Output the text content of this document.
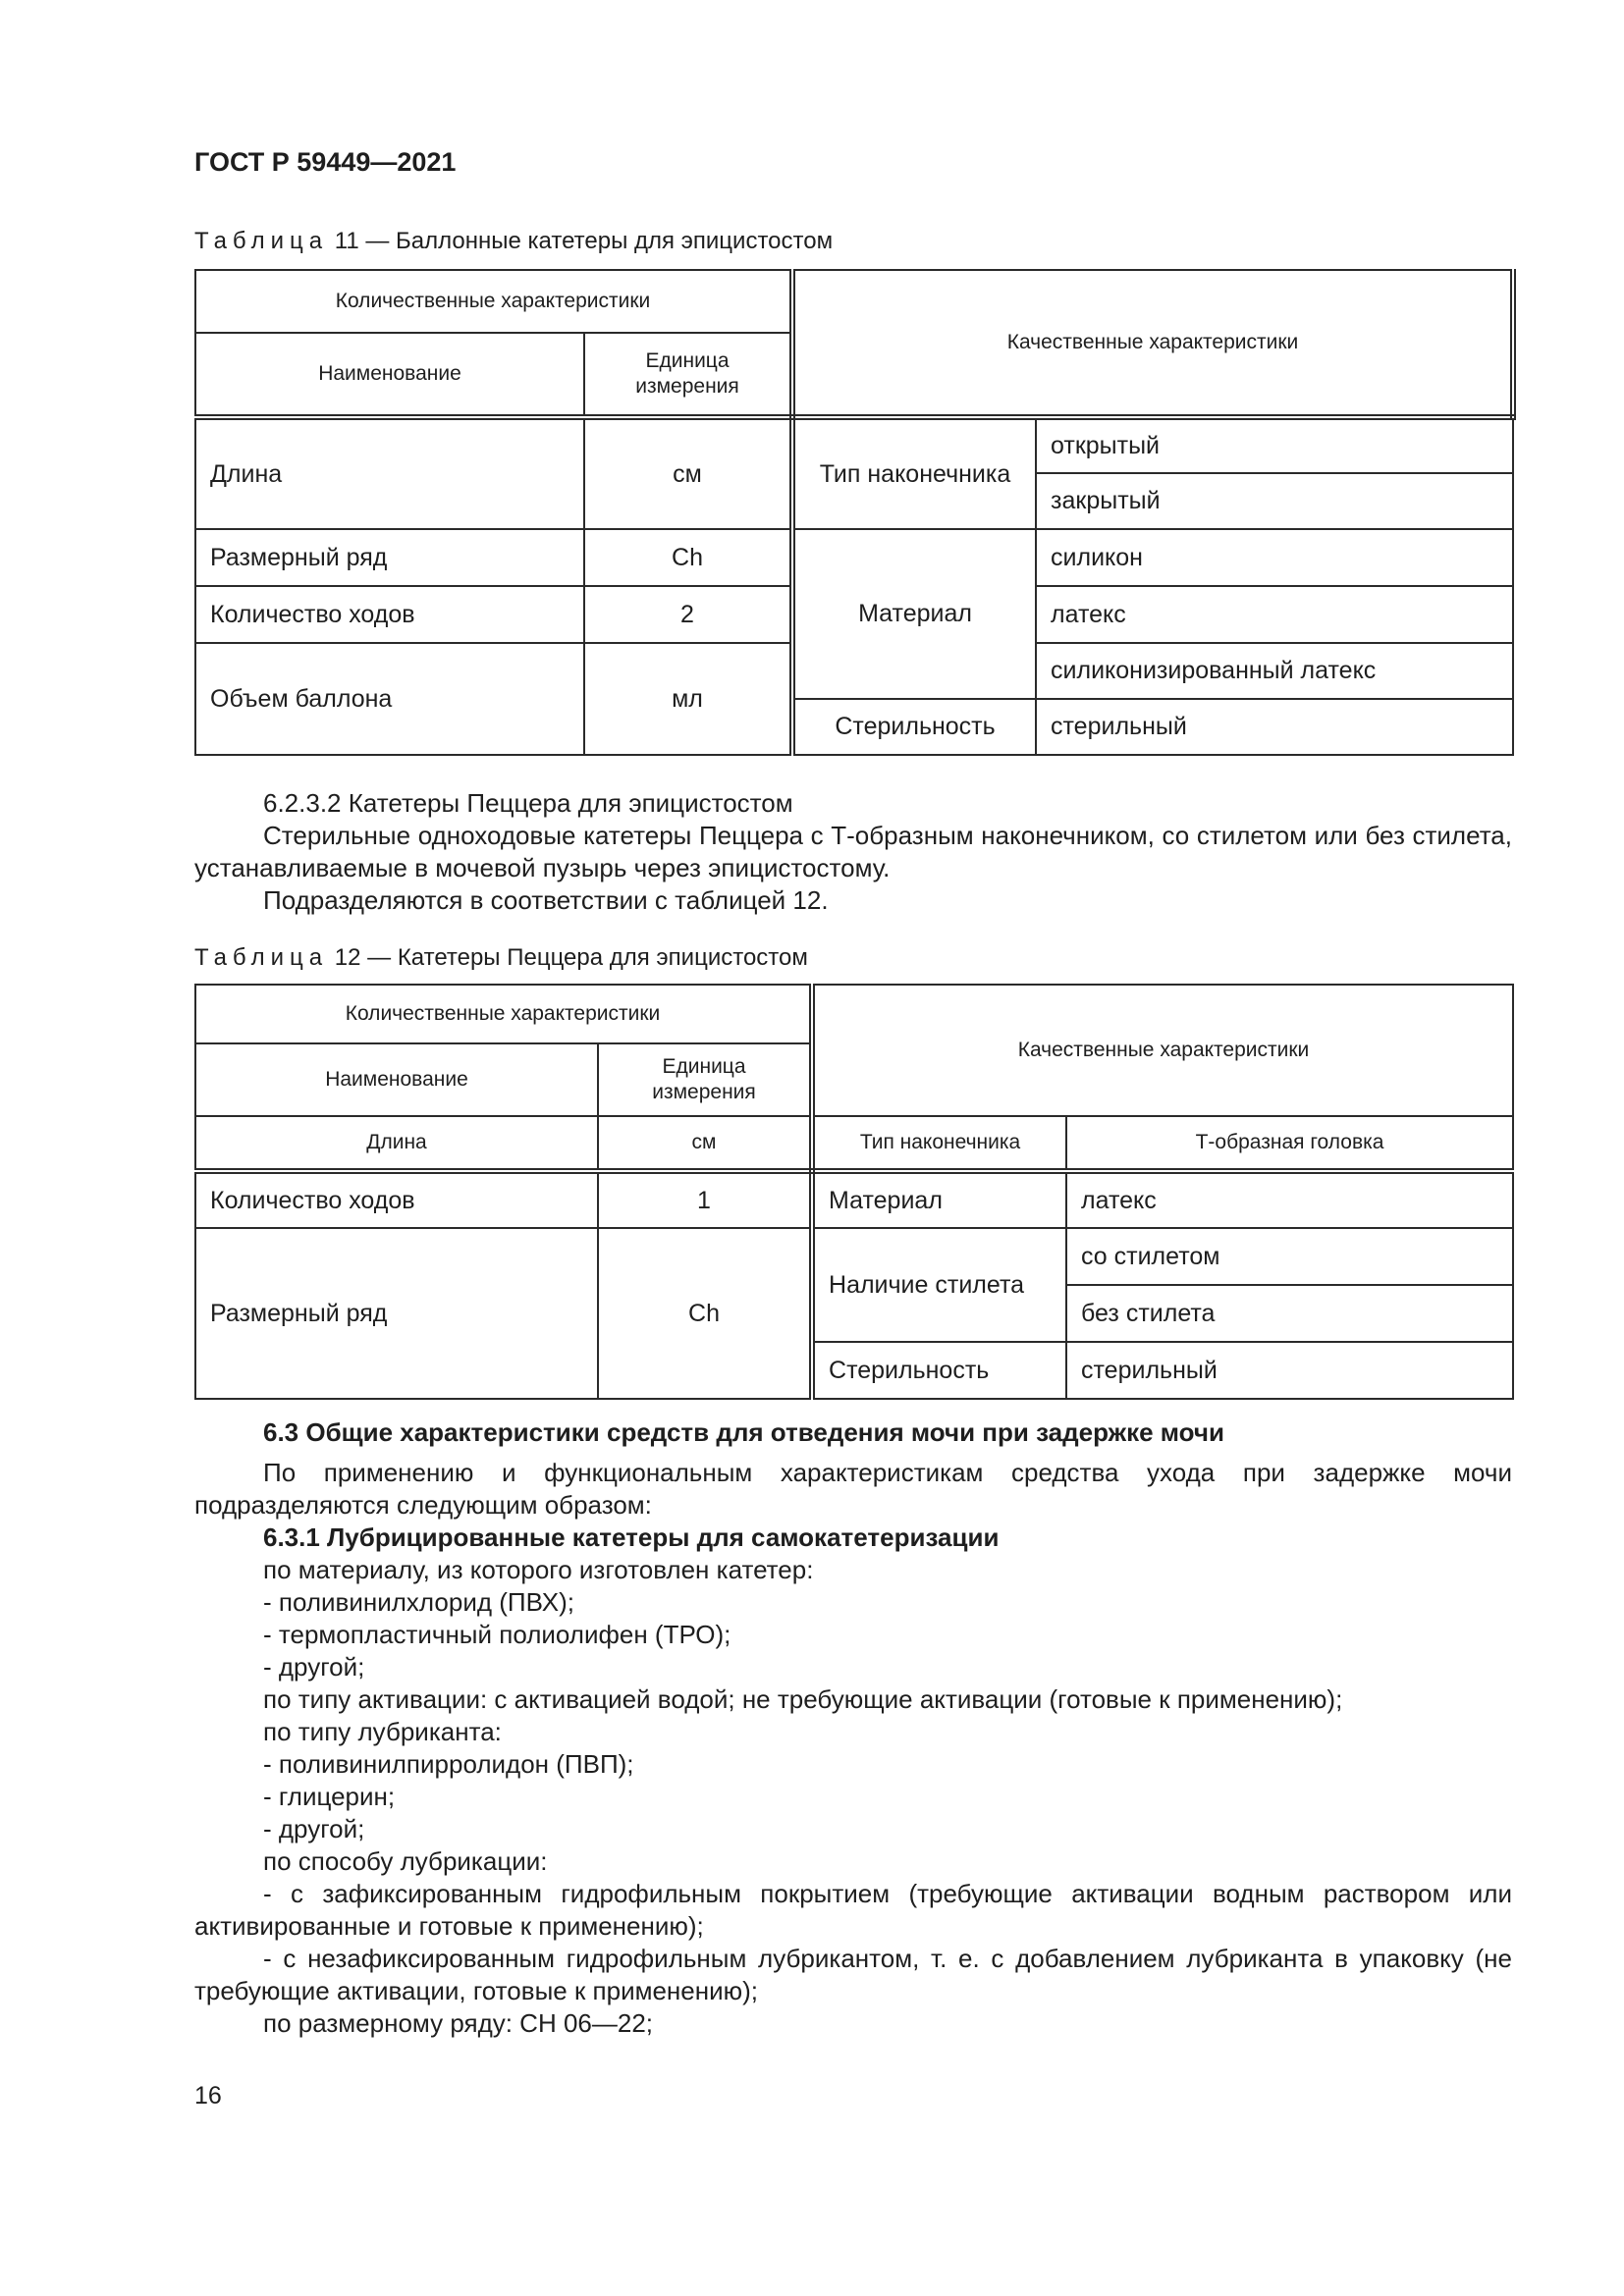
ГОСТ Р 59449—2021
Таблица 11 — Баллонные катетеры для эпицистостом
Количественные характеристики		Качественные характеристики	
Наименование	Единица измерения		
Длина	см	Тип наконечника	открытый
			закрытый
Размерный ряд	Ch	Материал	силикон
Количество ходов	2		латекс
Объем баллона	мл		силиконизированный латекс
		Стерильность	стерильный

6.2.3.2 Катетеры Пеццера для эпицистостом

Стерильные одноходовые катетеры Пеццера с Т-образным наконечником, со стилетом или без стилета, устанавливаемые в мочевой пузырь через эпицистостому.

Подразделяются в соответствии с таблицей 12.

Таблица 12 — Катетеры Пеццера для эпицистостом
Количественные характеристики		Качественные характеристики	
Наименование	Единица измерения		
Длина	см	Тип наконечника	Т-образная головка
Количество ходов	1	Материал	латекс
Размерный ряд	Ch	Наличие стилета	со стилетом
			без стилета
		Стерильность	стерильный

6.3 Общие характеристики средств для отведения мочи при задержке мочи

По применению и функциональным характеристикам средства ухода при задержке мочи подразделяются следующим образом:

6.3.1 Лубрицированные катетеры для самокатетеризации

по материалу, из которого изготовлен катетер:

- поливинилхлорид (ПВХ);

- термопластичный полиолифен (ТРО);

- другой;

по типу активации: с активацией водой; не требующие активации (готовые к применению);

по типу лубриканта:

- поливинилпирролидон (ПВП);

- глицерин;

- другой;

по способу лубрикации:

- с зафиксированным гидрофильным покрытием (требующие активации водным раствором или активированные и готовые к применению);

- с незафиксированным гидрофильным лубрикантом, т. е. с добавлением лубриканта в упаковку (не требующие активации, готовые к применению);

по размерному ряду: СН 06—22;

16
